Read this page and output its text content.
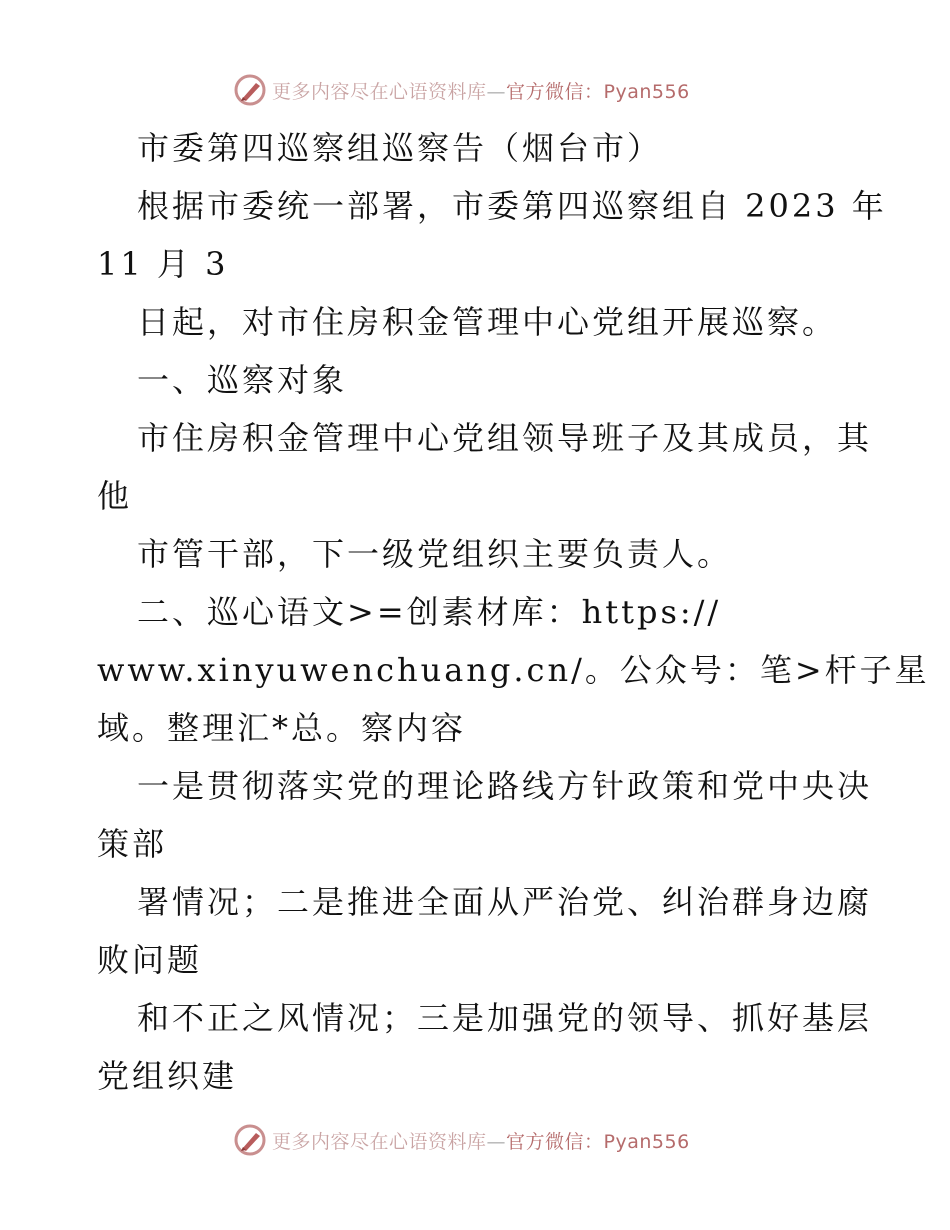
更多内容尽在心语资料库—官方微信：Pyan556
市委第四巡察组巡察告（烟台市）
根据市委统一部署，市委第四巡察组自 2023 年
11 月 3
日起，对市住房积金管理中心党组开展巡察。
一、巡察对象
市住房积金管理中心党组领导班子及其成员，其
他
市管干部，下一级党组织主要负责人。
二、巡心语文>=创素材库：https://
www.xinyuwenchuang.cn/。公众号：笔>杆子星
域。整理汇*总。察内容
一是贯彻落实党的理论路线方针政策和党中央决
策部
署情况；二是推进全面从严治党、纠治群身边腐
败问题
和不正之风情况；三是加强党的领导、抓好基层
党组织建
更多内容尽在心语资料库—官方微信：Pyan556
